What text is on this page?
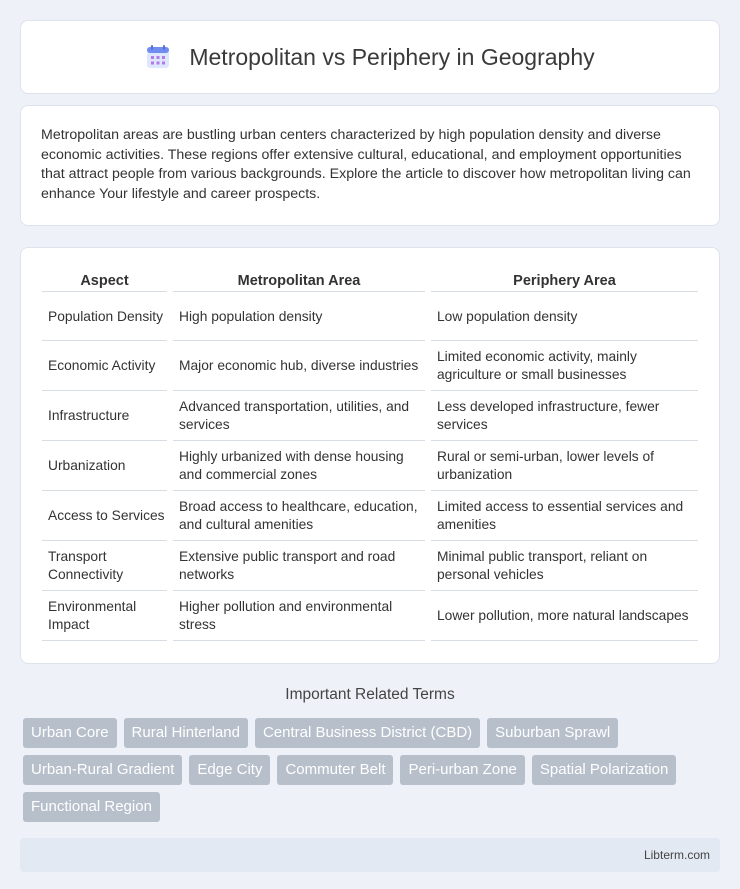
Metropolitan vs Periphery in Geography

Metropolitan areas are bustling urban centers characterized by high population density and diverse economic activities. These regions offer extensive cultural, educational, and employment opportunities that attract people from various backgrounds. Explore the article to discover how metropolitan living can enhance Your lifestyle and career prospects.

Aspect	Metropolitan Area	Periphery Area
Population Density	High population density	Low population density
Economic Activity	Major economic hub, diverse industries	Limited economic activity, mainly agriculture or small businesses
Infrastructure	Advanced transportation, utilities, and services	Less developed infrastructure, fewer services
Urbanization	Highly urbanized with dense housing and commercial zones	Rural or semi-urban, lower levels of urbanization
Access to Services	Broad access to healthcare, education, and cultural amenities	Limited access to essential services and amenities
Transport Connectivity	Extensive public transport and road networks	Minimal public transport, reliant on personal vehicles
Environmental Impact	Higher pollution and environmental stress	Lower pollution, more natural landscapes
Important Related Terms
Urban Core	Rural Hinterland	Central Business District (CBD)	Suburban Sprawl
Urban-Rural Gradient	Edge City	Commuter Belt	Peri-urban Zone	Spatial Polarization
Functional Region
Libterm.com
